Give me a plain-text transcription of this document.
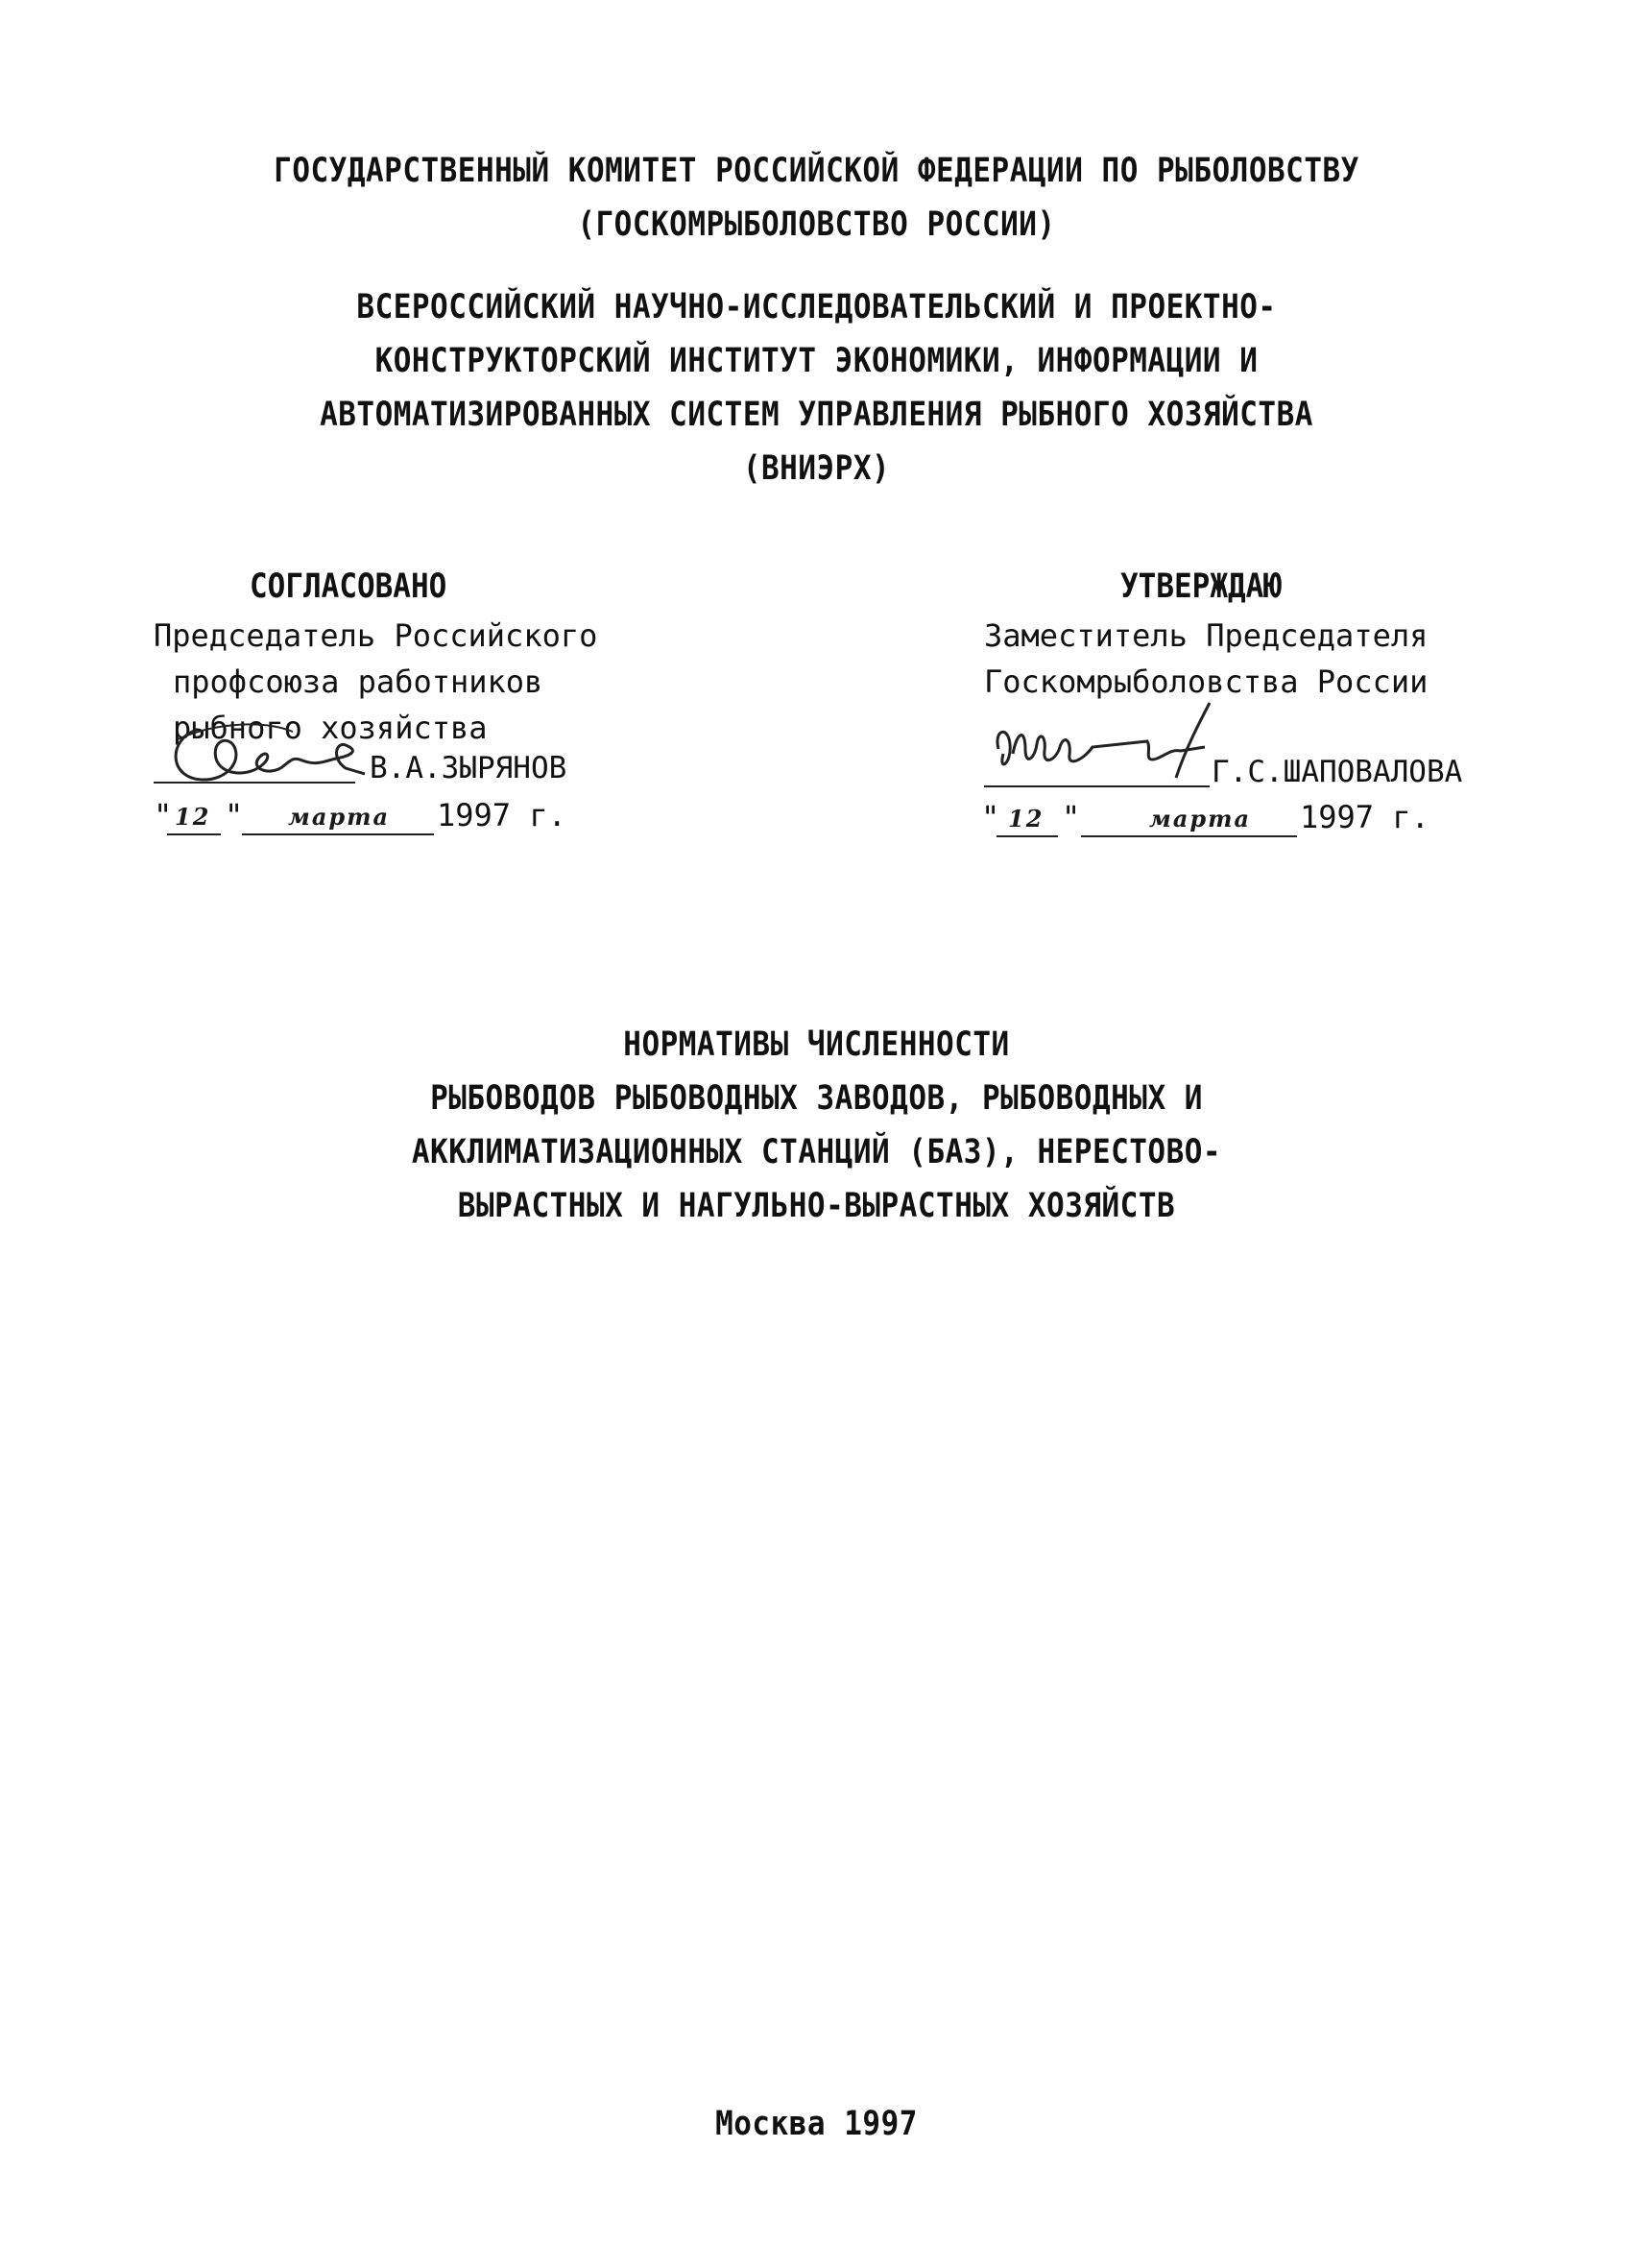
ГОСУДАРСТВЕННЫЙ КОМИТЕТ РОССИЙСКОЙ ФЕДЕРАЦИИ ПО РЫБОЛОВСТВУ
(ГОСКОМРЫБОЛОВСТВО РОССИИ)
ВСЕРОССИЙСКИЙ НАУЧНО-ИССЛЕДОВАТЕЛЬСКИЙ И ПРОЕКТНО-
КОНСТРУКТОРСКИЙ ИНСТИТУТ ЭКОНОМИКИ, ИНФОРМАЦИИ И
АВТОМАТИЗИРОВАННЫХ СИСТЕМ УПРАВЛЕНИЯ РЫБНОГО ХОЗЯЙСТВА
(ВНИЭРХ)
СОГЛАСОВАНО
Председатель Российского
профсоюза работников
рыбного хозяйства
В.А.ЗЫРЯНОВ
" 12 " марта 1997 г.
УТВЕРЖДАЮ
Заместитель Председателя
Госкомрыболовства России
Г.С.ШАПОВАЛОВА
" 12 "	марта 1997 г.
НОРМАТИВЫ ЧИСЛЕННОСТИ
РЫБОВОДОВ РЫБОВОДНЫХ ЗАВОДОВ, РЫБОВОДНЫХ И
АККЛИМАТИЗАЦИОННЫХ СТАНЦИЙ (БАЗ), НЕРЕСТОВО-
ВЫРАСТНЫХ И НАГУЛЬНО-ВЫРАСТНЫХ ХОЗЯЙСТВ
Москва 1997
